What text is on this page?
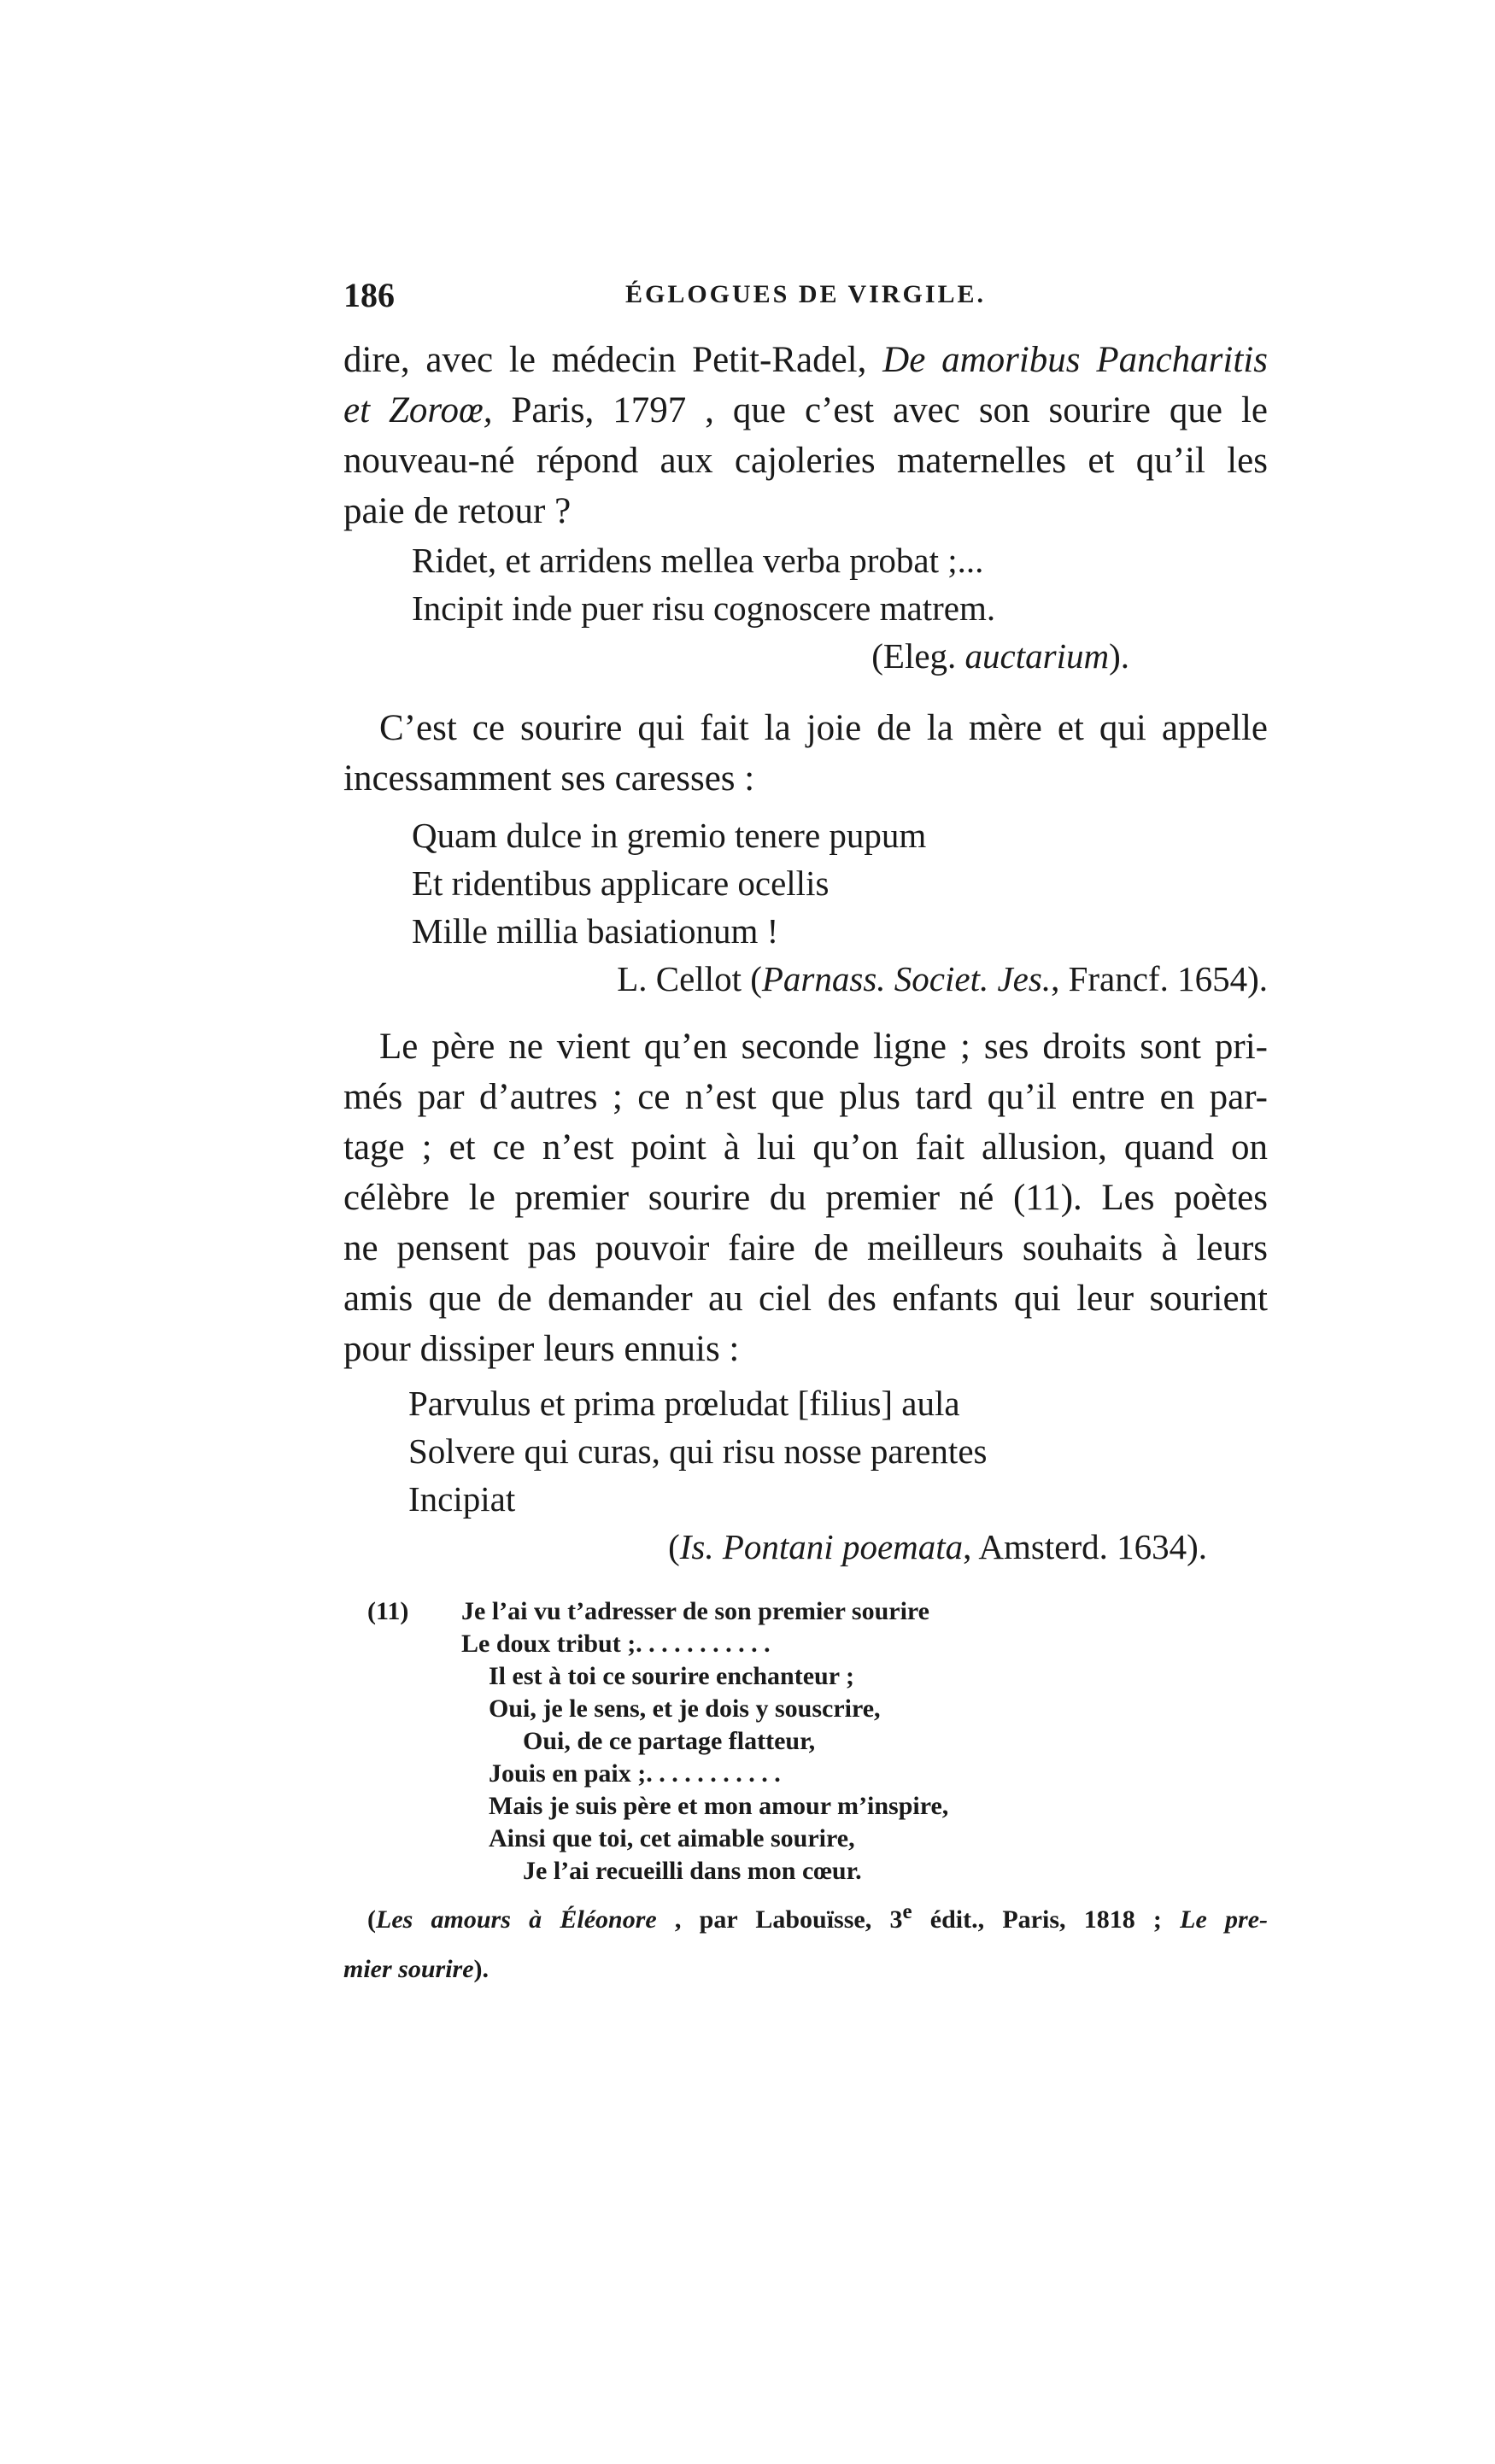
186	ÉGLOGUES DE VIRGILE.
dire, avec le médecin Petit-Radel, De amoribus Pancharitis
et Zoroœ, Paris, 1797 , que c’est avec son sourire que le
nouveau-né répond aux cajoleries maternelles et qu’il les
paie de retour ?
Ridet, et arridens mellea verba probat ;...
Incipit inde puer risu cognoscere matrem.
(Eleg. auctarium).
C’est ce sourire qui fait la joie de la mère et qui appelle
incessamment ses caresses :
Quam dulce in gremio tenere pupum
Et ridentibus applicare ocellis
Mille millia basiationum !
L. Cellot (Parnass. Societ. Jes., Francf. 1654).
Le père ne vient qu’en seconde ligne ; ses droits sont pri-
més par d’autres ; ce n’est que plus tard qu’il entre en par-
tage ; et ce n’est point à lui qu’on fait allusion, quand on
célèbre le premier sourire du premier né (11). Les poètes
ne pensent pas pouvoir faire de meilleurs souhaits à leurs
amis que de demander au ciel des enfants qui leur sourient
pour dissiper leurs ennuis :
Parvulus et prima prœludat [filius] aula
Solvere qui curas, qui risu nosse parentes
Incipiat
(Is. Pontani poemata, Amsterd. 1634).
(11) Je l’ai vu t’adresser de son premier sourire
Le doux tribut ;. . . . . . . . . . .
Il est à toi ce sourire enchanteur ;
Oui, je le sens, et je dois y souscrire,
Oui, de ce partage flatteur,
Jouis en paix ;. . . . . . . . . . .
Mais je suis père et mon amour m’inspire,
Ainsi que toi, cet aimable sourire,
Je l’ai recueilli dans mon cœur.
(Les amours à Éléonore , par Labouïsse, 3e édit., Paris, 1818 ; Le pre-
mier sourire).
